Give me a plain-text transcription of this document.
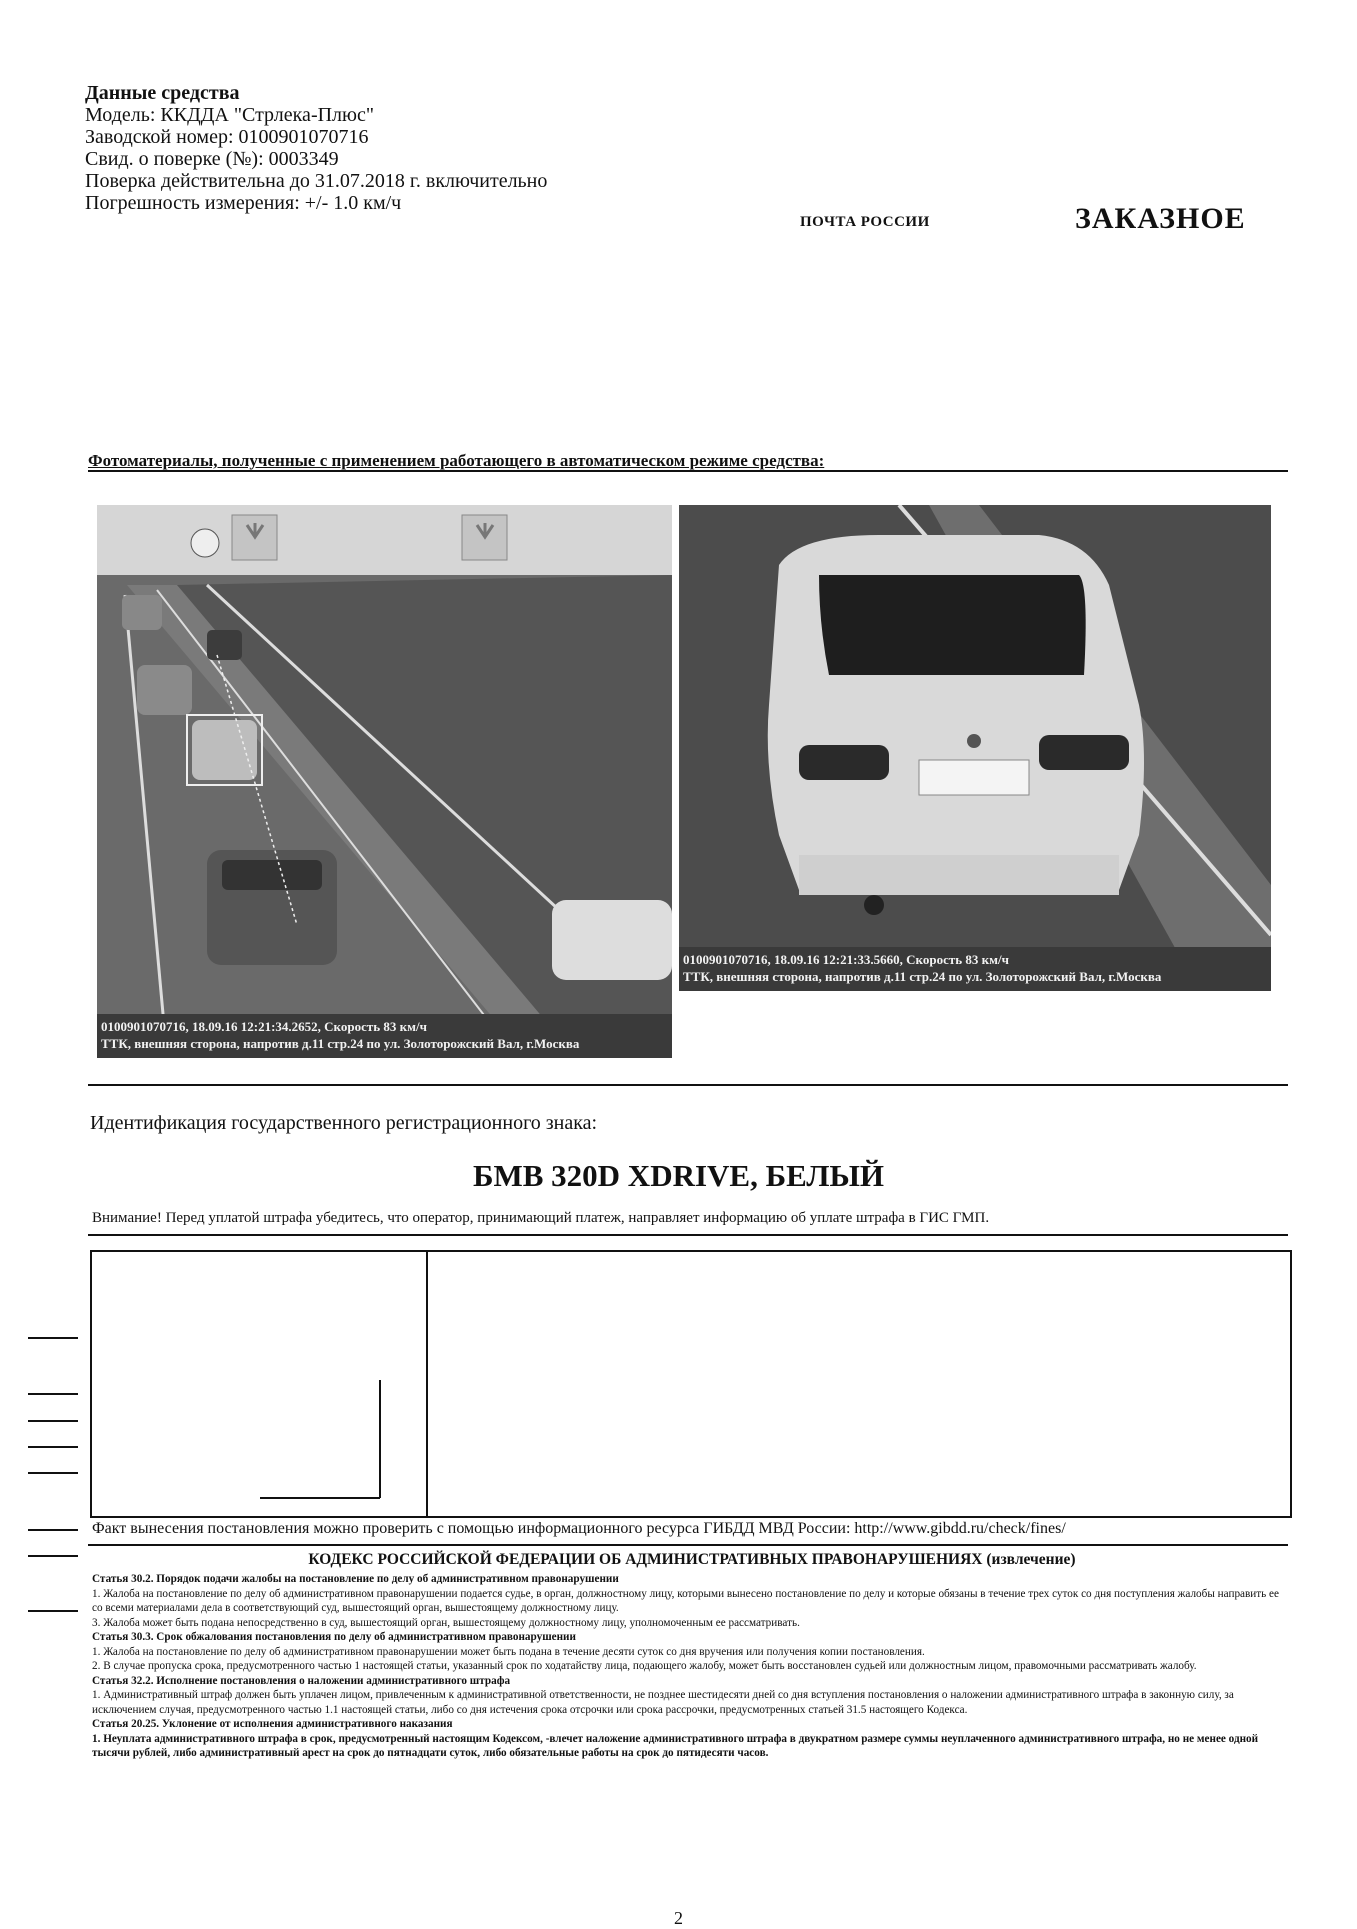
Данные средства
Модель: ККДДА "Стрлека-Плюс"
Заводской номер: 0100901070716
Свид. о поверке (№): 0003349
Поверка действительна до 31.07.2018 г. включительно
Погрешность измерения: +/- 1.0 км/ч
ПОЧТА РОССИИ	ЗАКАЗНОЕ
Фотоматериалы, полученные с применением работающего в автоматическом режиме средства:
0100901070716, 18.09.16 12:21:34.2652, Скорость 83 км/ч
ТТК, внешняя сторона, напротив д.11 стр.24 по ул. Золоторожский Вал, г.Москва
0100901070716, 18.09.16 12:21:33.5660, Скорость 83 км/ч
ТТК, внешняя сторона, напротив д.11 стр.24 по ул. Золоторожский Вал, г.Москва
Идентификация государственного регистрационного знака:
БМВ 320D XDRIVE, БЕЛЫЙ
Внимание! Перед уплатой штрафа убедитесь, что оператор, принимающий платеж, направляет информацию об уплате штрафа в ГИС ГМП.
Факт вынесения постановления можно проверить с помощью информационного ресурса ГИБДД МВД России: http://www.gibdd.ru/check/fines/
КОДЕКС РОССИЙСКОЙ ФЕДЕРАЦИИ ОБ АДМИНИСТРАТИВНЫХ ПРАВОНАРУШЕНИЯХ (извлечение)
Статья 30.2. Порядок подачи жалобы на постановление по делу об административном правонарушении
1. Жалоба на постановление по делу об административном правонарушении подается судье, в орган, должностному лицу, которыми вынесено постановление по делу и которые обязаны в течение трех суток со дня поступления жалобы направить ее со всеми материалами дела в соответствующий суд, вышестоящий орган, вышестоящему должностному лицу.
3. Жалоба может быть подана непосредственно в суд, вышестоящий орган, вышестоящему должностному лицу, уполномоченным ее рассматривать.
Статья 30.3. Срок обжалования постановления по делу об административном правонарушении
1. Жалоба на постановление по делу об административном правонарушении может быть подана в течение десяти суток со дня вручения или получения копии постановления.
2. В случае пропуска срока, предусмотренного частью 1 настоящей статьи, указанный срок по ходатайству лица, подающего жалобу, может быть восстановлен судьей или должностным лицом, правомочными рассматривать жалобу.
Статья 32.2. Исполнение постановления о наложении административного штрафа
1. Административный штраф должен быть уплачен лицом, привлеченным к административной ответственности, не позднее шестидесяти дней со дня вступления постановления о наложении административного штрафа в законную силу, за исключением случая, предусмотренного частью 1.1 настоящей статьи, либо со дня истечения срока отсрочки или срока рассрочки, предусмотренных статьей 31.5 настоящего Кодекса.
Статья 20.25. Уклонение от исполнения административного наказания
1. Неуплата административного штрафа в срок, предусмотренный настоящим Кодексом, -влечет наложение административного штрафа в двукратном размере суммы неуплаченного административного штрафа, но не менее одной тысячи рублей, либо административный арест на срок до пятнадцати суток, либо обязательные работы на срок до пятидесяти часов.
2
